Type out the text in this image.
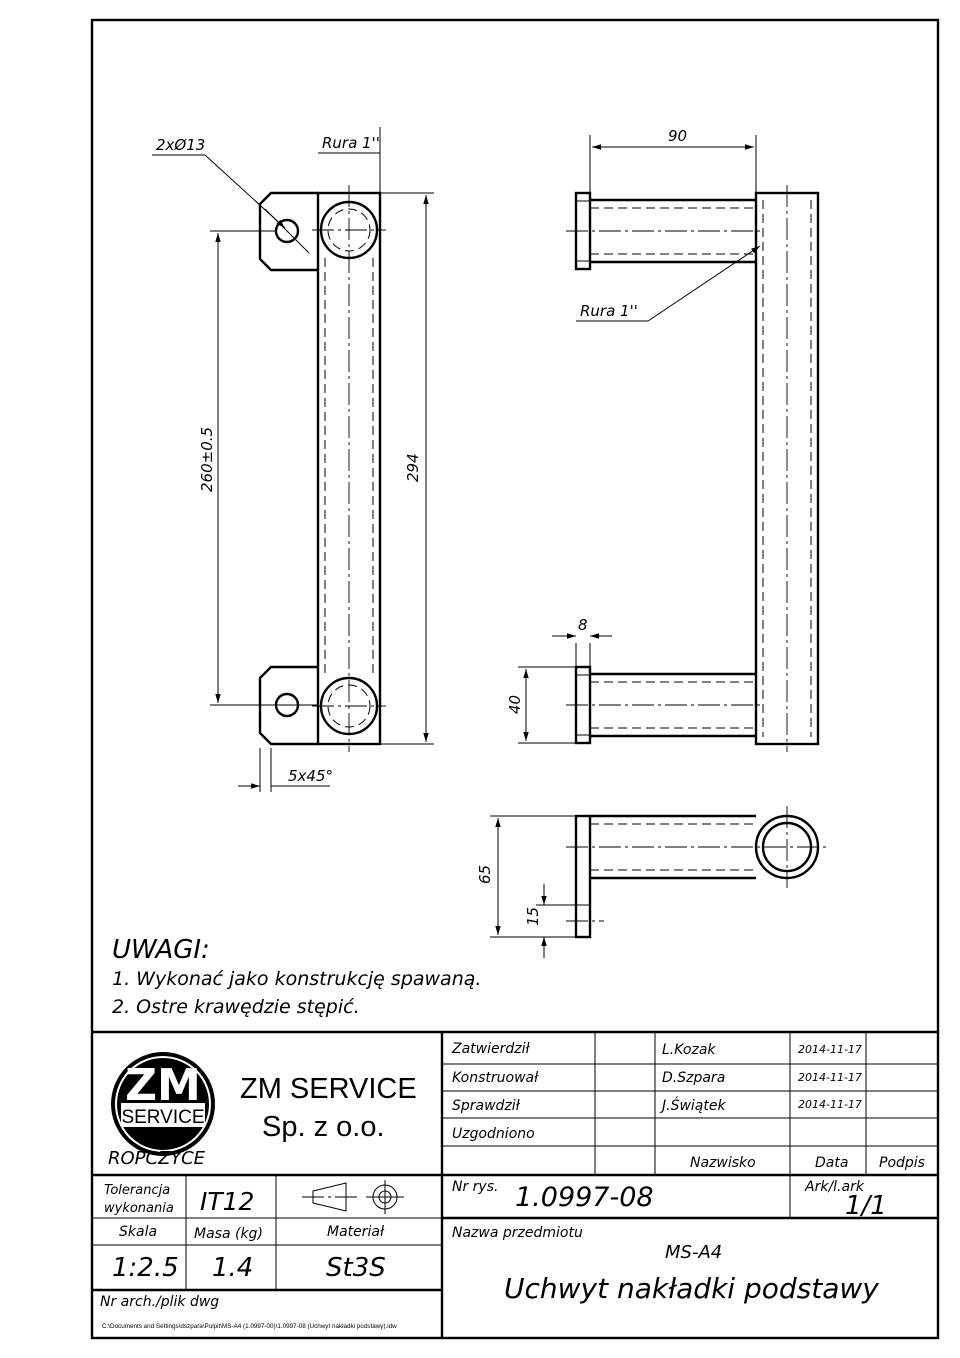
2xØ13	Rura 1''	90
Rura 1''
260±0.5	294
8
40
5x45°
65
15
UWAGI:
1. Wykonać jako konstrukcję spawaną.
2. Ostre krawędzie stępić.
ZM
SERVICE
ROPCZYCE
ZM SERVICE
Sp. z o.o.
Tolerancja
wykonania IT12
Skala	Masa (kg)	Materiał
1:2.5 1.4	St3S
Nr arch./plik dwg
C:\Documents and Settings\dszpara\Pulpit\MS-A4 (1.0997-00)\1.0997-08 (Uchwyt nakładki podstawy).idw
Zatwierdził	L.Kozak	2014-11-17
Konstruował	D.Szpara	2014-11-17
Sprawdził	J.Świątek	2014-11-17
Uzgodniono
Nazwisko	Data Podpis
Nr rys. 1.0997-08	Ark/l.ark
1/1
Nazwa przedmiotu
MS-A4
Uchwyt nakładki podstawy
